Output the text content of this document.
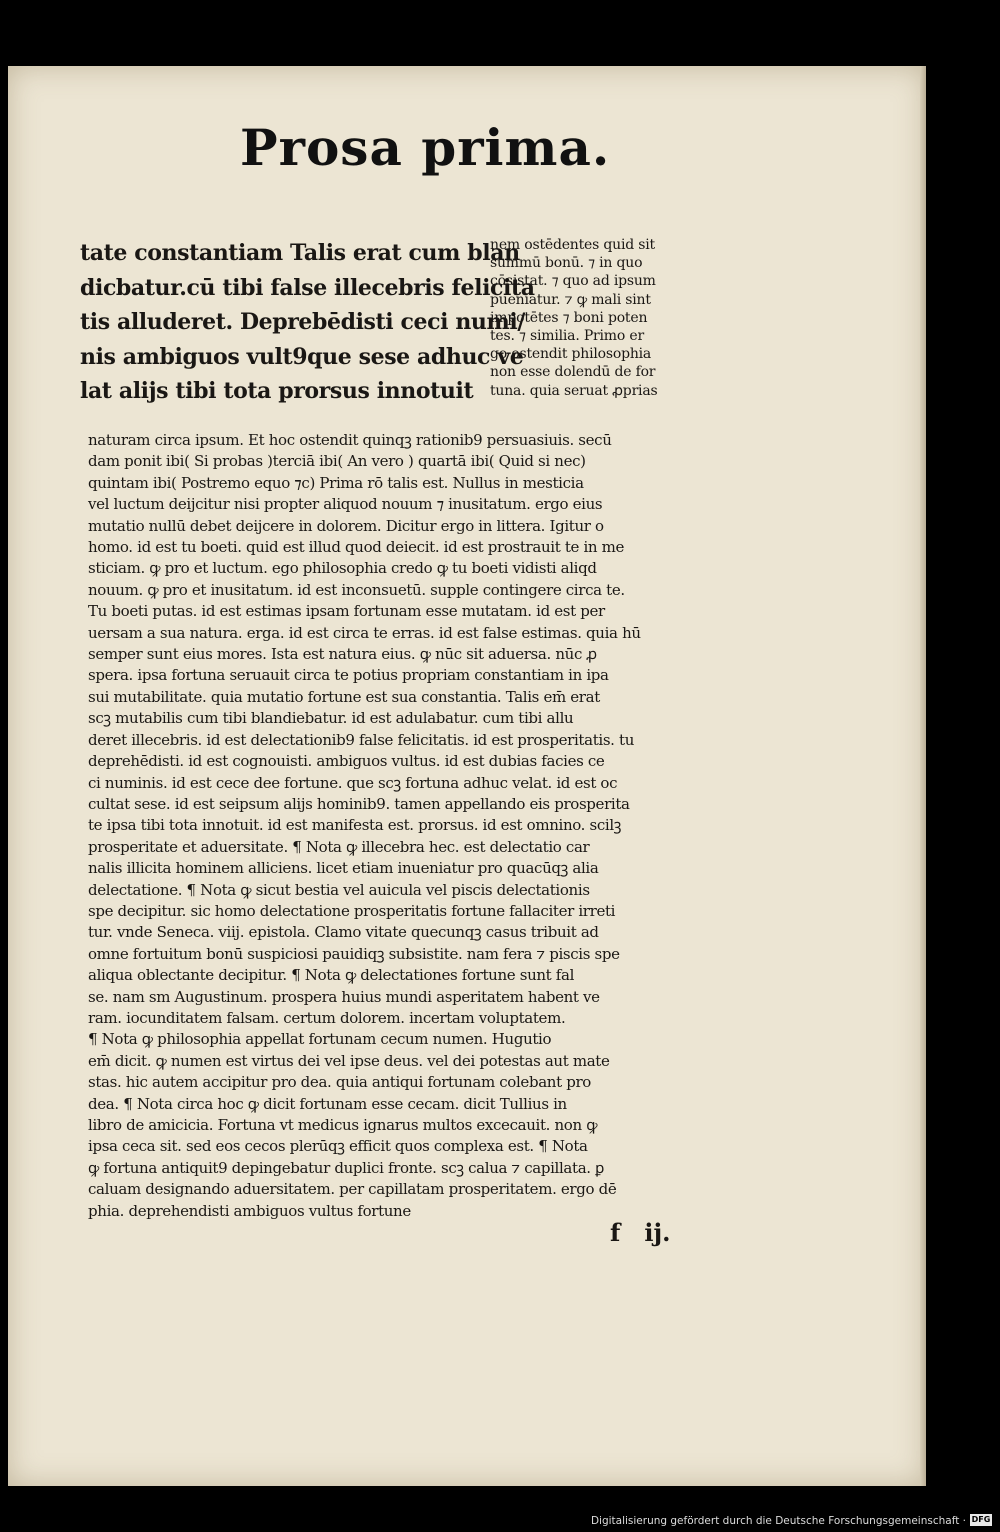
Prosa prima.
tate constantiam Talis erat cum blan
dicbatur.cū tibi false illecebris felicita
tis alluderet. Deprebēdisti ceci numi/
nis ambiguos vult9que sese adhuc ve
lat alijs tibi tota prorsus innotuit
nem ostēdentes quid sit
summū bonū. ⁊ in quo
cōsistat. ⁊ quo ad ipsum
pueniatur. ⁊ ꝙ mali sint
impotētes ⁊ boni poten
tes. ⁊ similia. Primo er
go ostendit philosophia
non esse dolendū de for
tuna. quia seruat ꝓprias
naturam circa ipsum. Et hoc ostendit quinqꝫ rationib9 persuasiuis. secū
dam ponit ibi( Si probas )terciā ibi( An vero ) quartā ibi( Quid si nec)
quintam ibi( Postremo equo ⁊c) Prima rō talis est. Nullus in mesticia
vel luctum deijcitur nisi propter aliquod nouum ⁊ inusitatum. ergo eius
mutatio nullū debet deijcere in dolorem. Dicitur ergo in littera. Igitur o
homo. id est tu boeti. quid est illud quod deiecit. id est prostrauit te in me
sticiam. ꝙ pro et luctum. ego philosophia credo ꝙ tu boeti vidisti aliqd
nouum. ꝙ pro et inusitatum. id est inconsuetū. supple contingere circa te.
Tu boeti putas. id est estimas ipsam fortunam esse mutatam. id est per
uersam a sua natura. erga. id est circa te erras. id est false estimas. quia hū
semper sunt eius mores. Ista est natura eius. ꝙ nūc sit aduersa. nūc ꝓ
spera. ipsa fortuna seruauit circa te potius propriam constantiam in ipa
sui mutabilitate. quia mutatio fortune est sua constantia. Talis em̄ erat
scꝫ mutabilis cum tibi blandiebatur. id est adulabatur. cum tibi allu
deret illecebris. id est delectationib9 false felicitatis. id est prosperitatis. tu
deprehēdisti. id est cognouisti. ambiguos vultus. id est dubias facies ce
ci numinis. id est cece dee fortune. que scꝫ fortuna adhuc velat. id est oc
cultat sese. id est seipsum alijs hominib9. tamen appellando eis prosperita
te ipsa tibi tota innotuit. id est manifesta est. prorsus. id est omnino. scilꝫ
prosperitate et aduersitate. ¶ Nota ꝙ illecebra hec. est delectatio car
nalis illicita hominem alliciens. licet etiam inueniatur pro quacūqꝫ alia
delectatione. ¶ Nota ꝙ sicut bestia vel auicula vel piscis delectationis
spe decipitur. sic homo delectatione prosperitatis fortune fallaciter irreti
tur. vnde Seneca. viij. epistola. Clamo vitate quecunqꝫ casus tribuit ad
omne fortuitum bonū suspiciosi pauidiqꝫ subsistite. nam fera ⁊ piscis spe
aliqua oblectante decipitur. ¶ Nota ꝙ delectationes fortune sunt fal
se. nam sm Augustinum. prospera huius mundi asperitatem habent ve
ram. iocunditatem falsam. certum dolorem. incertam voluptatem.
¶ Nota ꝙ philosophia appellat fortunam cecum numen. Hugutio
em̄ dicit. ꝙ numen est virtus dei vel ipse deus. vel dei potestas aut mate
stas. hic autem accipitur pro dea. quia antiqui fortunam colebant pro
dea. ¶ Nota circa hoc ꝙ dicit fortunam esse cecam. dicit Tullius in
libro de amicicia. Fortuna vt medicus ignarus multos excecauit. non ꝙ
ipsa ceca sit. sed eos cecos plerūqꝫ efficit quos complexa est. ¶ Nota
ꝙ fortuna antiquit9 depingebatur duplici fronte. scꝫ calua ⁊ capillata. ꝑ
caluam designando aduersitatem. per capillatam prosperitatem. ergo dē
phia. deprehendisti ambiguos vultus fortune
f ij.
Digitalisierung gefördert durch die Deutsche Forschungsgemeinschaft · DFG
